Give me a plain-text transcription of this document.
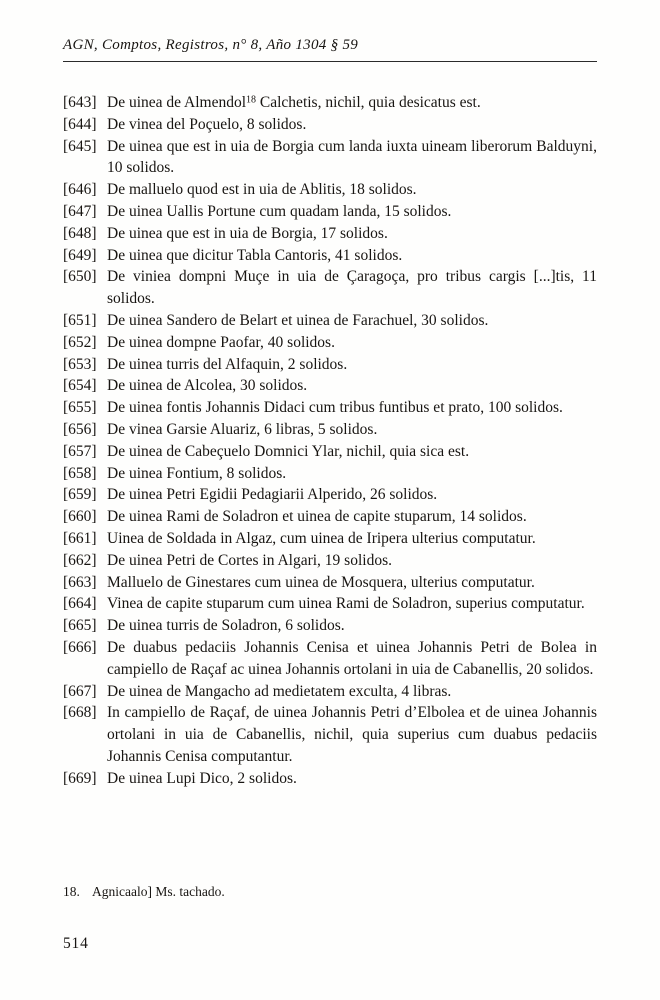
AGN, Comptos, Registros, n° 8, Año 1304 § 59

[643] De uinea de Almendol$^{18}$ Calchetis, nichil, quia desicatus est.

[644] De vinea del Poçuelo, 8 solidos.

[645] De uinea que est in uia de Borgia cum landa iuxta uineam liberorum Balduyni, 10 solidos.

[646] De malluelo quod est in uia de Ablitis, 18 solidos.

[647] De uinea Uallis Portune cum quadam landa, 15 solidos.

[648] De uinea que est in uia de Borgia, 17 solidos.

[649] De uinea que dicitur Tabla Cantoris, 41 solidos.

[650] De viniea dompni Muçe in uia de Çaragoça, pro tribus cargis [...]tis, 11 solidos.

[651] De uinea Sandero de Belart et uinea de Farachuel, 30 solidos.

[652] De uinea dompne Paofar, 40 solidos.

[653] De uinea turris del Alfaquin, 2 solidos.

[654] De uinea de Alcolea, 30 solidos.

[655] De uinea fontis Johannis Didaci cum tribus funtibus et prato, 100 solidos.

[656] De vinea Garsie Aluariz, 6 libras, 5 solidos.

[657] De uinea de Cabeçuelo Domnici Ylar, nichil, quia sica est.

[658] De uinea Fontium, 8 solidos.

[659] De uinea Petri Egidii Pedagiarii Alperido, 26 solidos.

[660] De uinea Rami de Soladron et uinea de capite stuparum, 14 solidos.

[661] Uinea de Soldada in Algaz, cum uinea de Iripera ulterius computatur.

[662] De uinea Petri de Cortes in Algari, 19 solidos.

[663] Malluelo de Ginestares cum uinea de Mosquera, ulterius computatur.

[664] Vinea de capite stuparum cum uinea Rami de Soladron, superius computatur.

[665] De uinea turris de Soladron, 6 solidos.

[666] De duabus pedaciis Johannis Cenisa et uinea Johannis Petri de Bolea in campiello de Raçaf ac uinea Johannis ortolani in uia de Cabanellis, 20 solidos.

[667] De uinea de Mangacho ad medietatem exculta, 4 libras.

[668] In campiello de Raçaf, de uinea Johannis Petri d’Elbolea et de uinea Johannis ortolani in uia de Cabanellis, nichil, quia superius cum duabus pedaciis Johannis Cenisa computantur.

[669] De uinea Lupi Dico, 2 solidos.

18. Agnicaalo] Ms. tachado.
514
